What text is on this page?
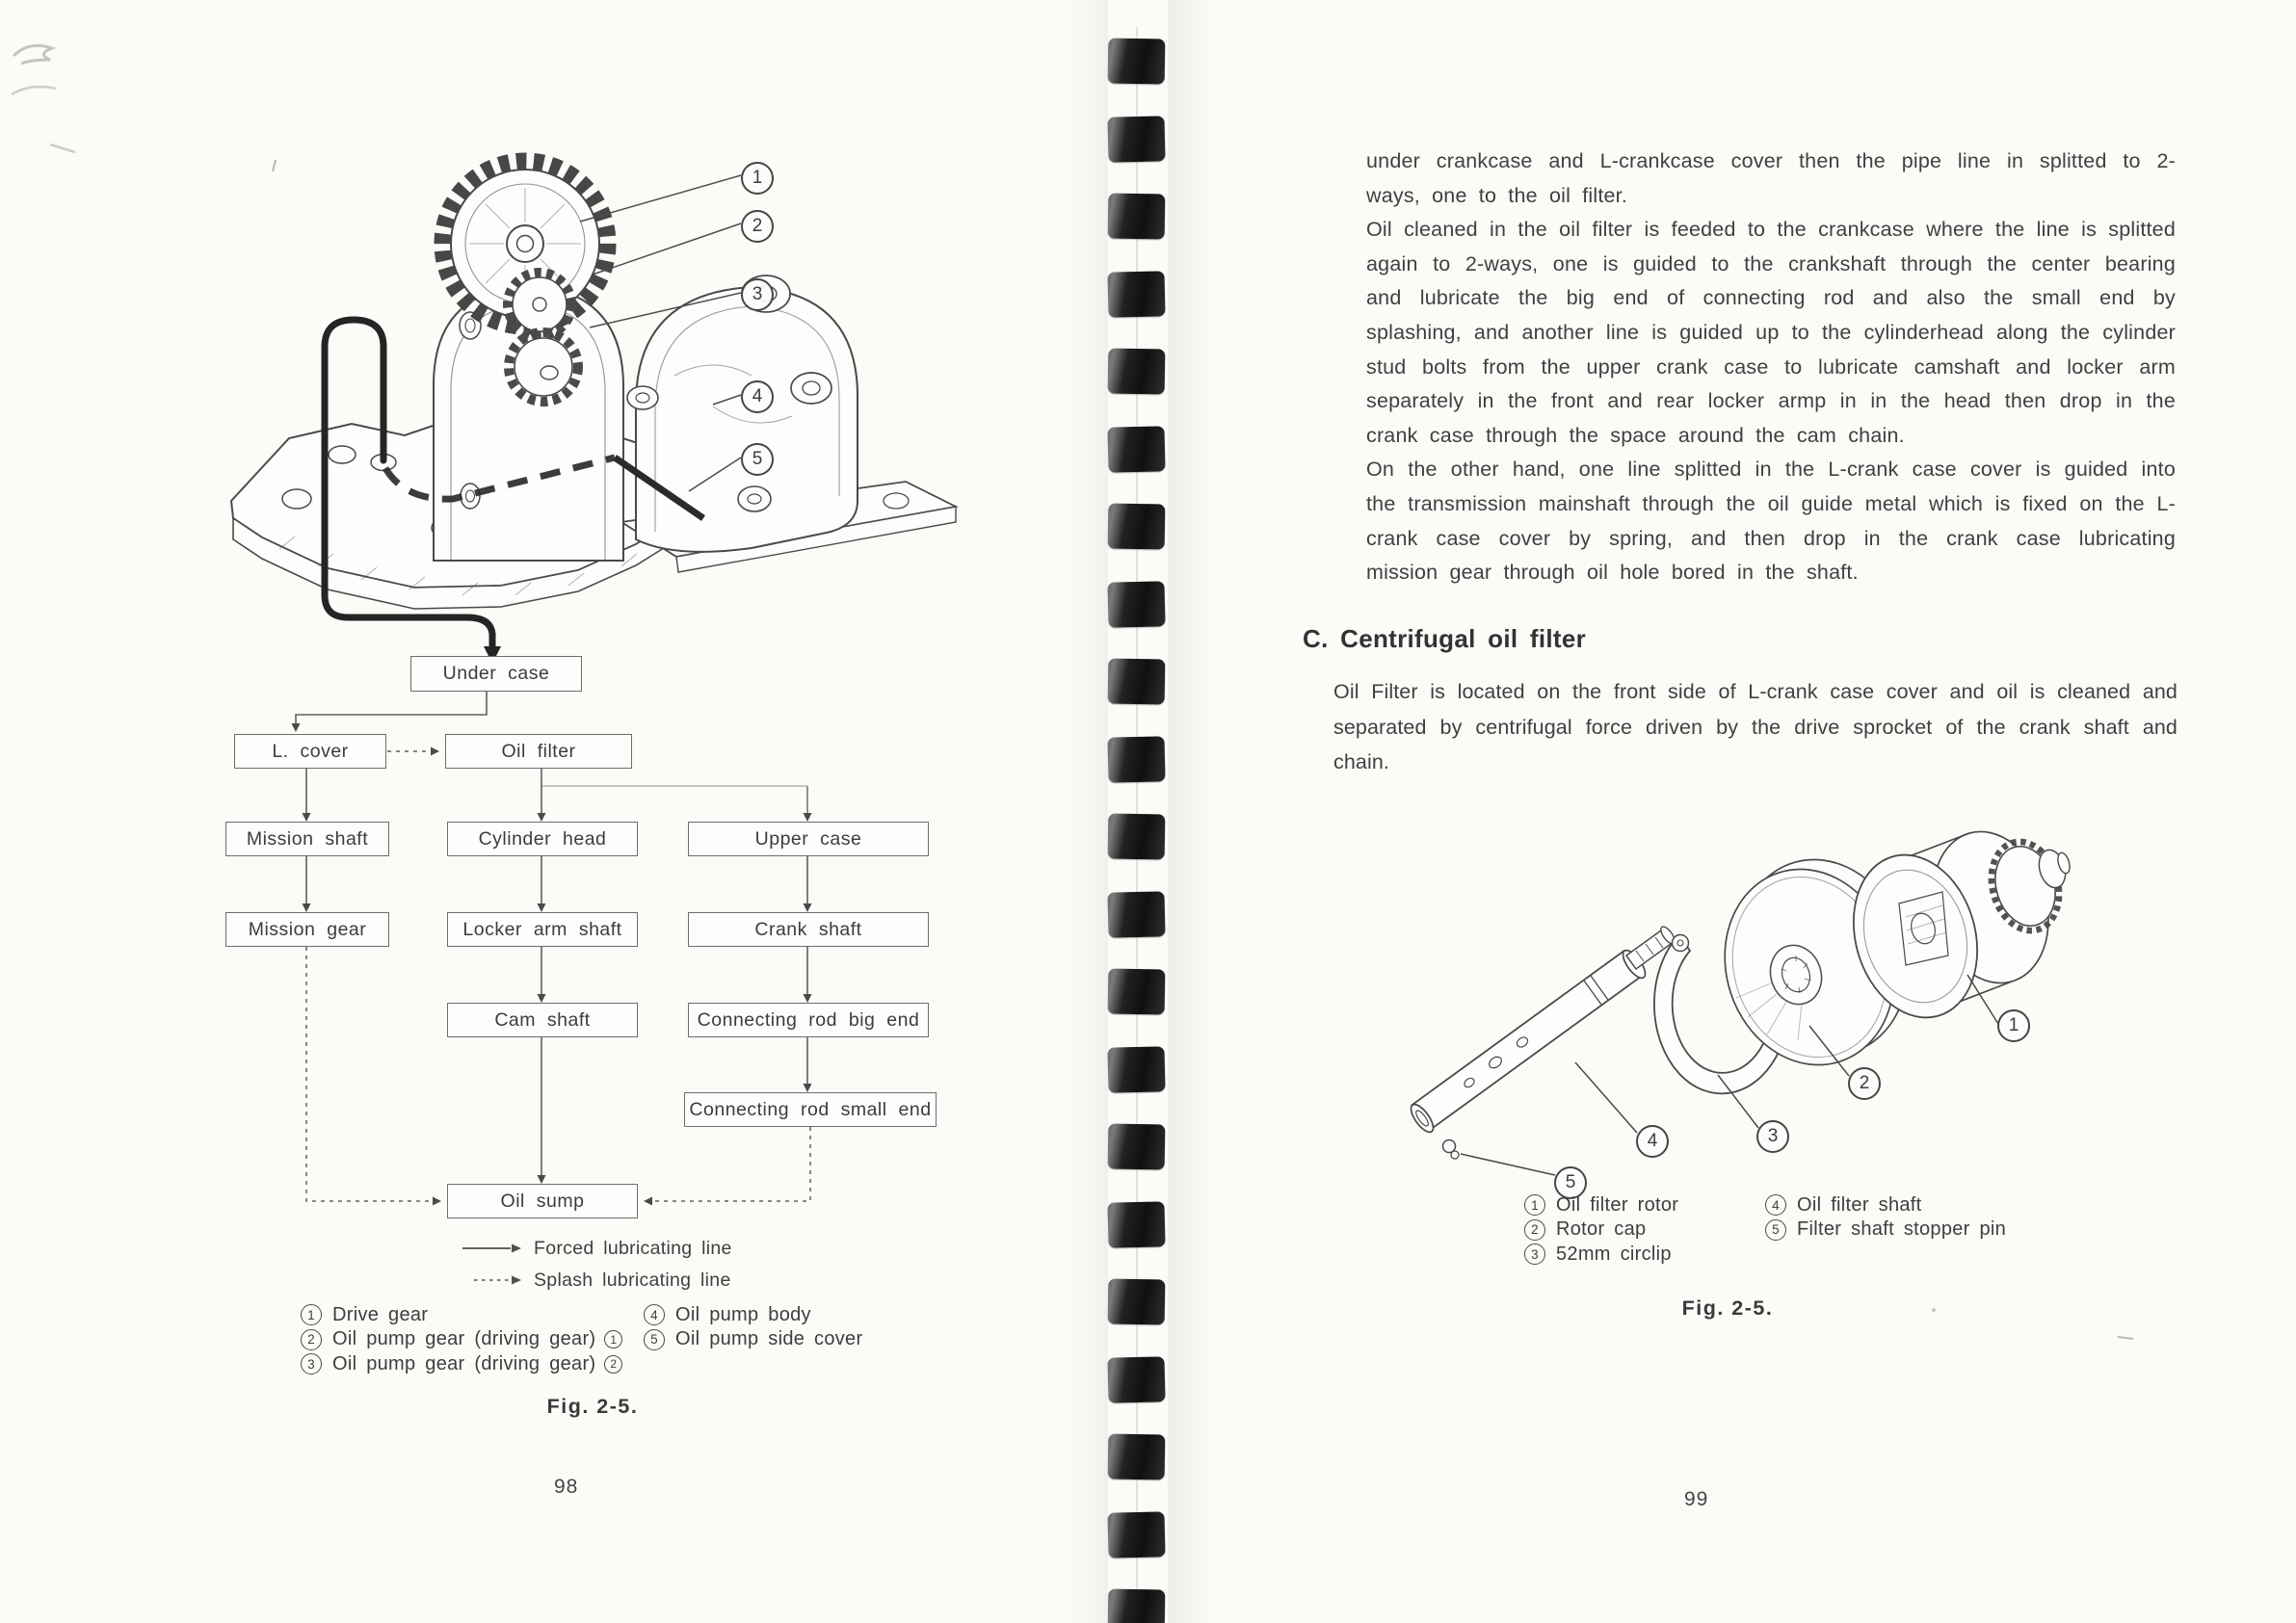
1
2
3
4
5
Under case
L. cover	Oil filter
Mission shaft	Cylinder head	Upper case
Mission gear	Locker arm shaft	Crank shaft
Cam shaft	Connecting rod big end
Connecting rod small end
Oil sump
Forced lubricating line
Splash lubricating line
1 Drive gear
2 Oil pump gear (driving gear)	1
3 Oil pump gear (driving gear)	2
4 Oil pump body
5 Oil pump side cover
Fig. 2-5.
98

under crankcase and L-crankcase cover then the pipe line in splitted to 2-ways, one to the oil filter.

Oil cleaned in the oil filter is feeded to the crankcase where the line is splitted again to 2-ways, one is guided to the crankshaft through the center bearing and lubricate the big end of connecting rod and also the small end by splashing, and another line is guided up to the cylinderhead along the cylinder stud bolts from the upper crank case to lubricate camshaft and locker arm separately in the front and rear locker armp in in the head then drop in the crank case through the space around the cam chain.

On the other hand, one line splitted in the L-crank case cover is guided into the transmission mainshaft through the oil guide metal which is fixed on the L-crank case cover by spring, and then drop in the crank case lubricating mission gear through oil hole bored in the shaft.

C. Centrifugal oil filter
Oil Filter is located on the front side of L-crank case cover and oil is cleaned and separated by centrifugal force driven by the drive sprocket of the crank shaft and chain.
1
2
3
4
5
1 Oil filter rotor
2 Rotor cap
3 52mm circlip
4 Oil filter shaft
5 Filter shaft stopper pin
Fig. 2-5.
99
